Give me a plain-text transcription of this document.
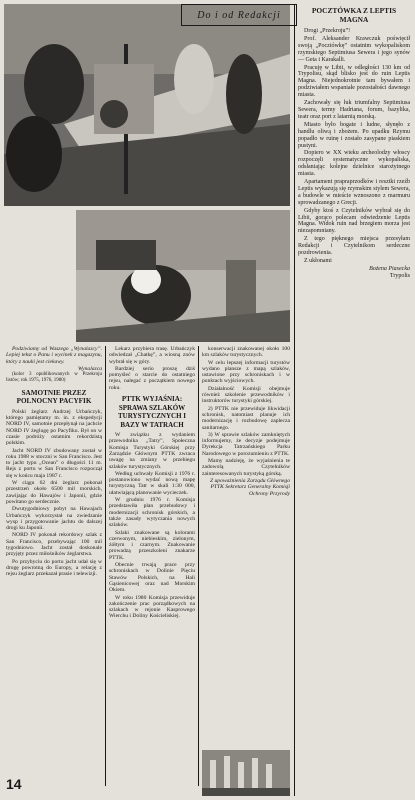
Do i od Redakcji

Podziwiamy od Waszego „Wynalazcy”. Lepiej tekst o Panu i wycinek z magazynu, który z nauki jest ciekawy.

Wynalazca

(kolor 3 opublikowanych w Przekroju listów; rok 1975, 1976, 1980)

SAMOTNIE PRZEZ POLNOCNY PACYFIK

Polski żeglarz Andrzej Urbańczyk, którego pamiętamy m. in. z ekspedycji NORD IV, samotnie przepłynął na jachcie NORD IV żeglugę po Pacyfiku. Był on w czasie podróży ostatnim rekordzistą polskim.

Jacht NORD IV zbudowany został w roku 1988 w stoczni w San Francisco. Jest to jacht typu „Ocean” o długości 11 m. Rejs z portu w San Francisco rozpoczął się w końcu maja 1987 r.

W ciągu 62 dni żeglarz pokonał przestrzeń około 6500 mil morskich, zawijając do Hawajów i Japonii, gdzie powitano go serdecznie.

Dwutygodniowy pobyt na Hawajach Urbańczyk wykorzystał na zwiedzanie wysp i przygotowanie jachtu do dalszej drogi ku Japonii.

NORD IV pokonał rekordowy szlak z San Francisco, przebywając 100 mil tygodniowo. Jacht został doskonale przyjęty przez miłośników żeglarstwa.

Po przybyciu do portu jacht udał się w drogę powrotną do Europy, a relację z rejsu żeglarz przekazał prasie i telewizji.

Lekarz przybiera trasę. Urbańczyk odwiedzał „Chatkę”, a wiosną znów wybrał się w góry.

Bardziej serio proszę dziś pomyśleć o starcie do ostatniego rejsu, nalegać z początkiem nowego roku.

PTTK WYJAŚNIA: SPRAWA SZLAKÓW TURYSTYCZNYCH I BAZY W TATRACH

W związku z wydaniem przewodnika „Tatry”, Społeczna Komisja Turystyki Górskiej przy Zarządzie Głównym PTTK zwraca uwagę na zmiany w przebiegu szlaków turystycznych.

Według uchwały Komisji z 1976 r. postanowiono wydać nową mapę turystyczną Tatr w skali 1:30 000, ułatwiającą planowanie wycieczek.

W grudniu 1976 r. Komisja przedstawiła plan przebudowy i modernizacji schronisk górskich, a także zasady wytyczania nowych szlaków.

Szlaki znakowane są kolorami czerwonym, niebieskim, zielonym, żółtym i czarnym. Znakowanie prowadzą przeszkoleni znakarze PTTK.

Obecnie trwają prace przy schroniskach w Dolinie Pięciu Stawów Polskich, na Hali Gąsienicowej oraz nad Morskim Okiem.

W roku 1980 Komisja przewiduje zakończenie prac porządkowych na szlakach w rejonie Kasprowego Wierchu i Doliny Kościeliskiej.

konserwacji znakowanej około 100 km szlaków turystycznych.

W celu lepszej informacji turystów wydano plansze z mapą szlaków, ustawione przy schroniskach i w punktach wyjściowych.

Działalność Komisji obejmuje również szkolenie przewodników i instruktorów turystyki górskiej.

2) PTTK nie przewiduje likwidacji schronisk, natomiast planuje ich modernizację i rozbudowę zaplecza sanitarnego.

3) W sprawie szlaków zamkniętych informujemy, że decyzje podejmuje Dyrekcja Tatrzańskiego Parku Narodowego w porozumieniu z PTTK.

Mamy nadzieję, że wyjaśnienia te zadowolą Czytelników zainteresowanych turystyką górską.

Z upoważnienia Zarządu Głównego PTTK Sekretarz Generalny Komisji Ochrony Przyrody

POCZTÓWKA Z LEPTIS MAGNA

Drogi „Przekroju”!

Prof. Aleksander Krawczuk poświęcił swoją „Pocztówkę” ostatnim wykopaliskom rzymskiego Septimiusa Sewera i jego synów — Geta i Karakalli.

Pracuję w Libii, w odległości 130 km od Trypolisu, skąd blisko jest do ruin Leptis Magna. Niejednokrotnie tam bywałem i podziwiałem wspaniałe pozostałości dawnego miasta.

Zachowały się łuk triumfalny Septimiusa Sewera, termy Hadriana, forum, bazylika, teatr oraz port z latarnią morską.

Miasto było bogate i ludne, słynęło z handlu oliwą i zbożem. Po upadku Rzymu popadło w ruinę i zostało zasypane piaskiem pustyni.

Dopiero w XX wieku archeolodzy włoscy rozpoczęli systematyczne wykopaliska, odsłaniając kolejne dzielnice starożytnego miasta.

Apartament prapraprzodków i resztki rzeźb Leptis wykazują się rzymskim stylem Sewera, a budowle w mieście wznoszono z marmuru sprowadzanego z Grecji.

Gdyby ktoś z Czytelników wybrał się do Libii, gorąco polecam odwiedzenie Leptis Magna. Widok ruin nad brzegiem morza jest niezapomniany.

Z tego pięknego miejsca przesyłam Redakcji i Czytelnikom serdeczne pozdrowienia.

Z ukłonami

Bożena Piasecka
Trypolis
14
